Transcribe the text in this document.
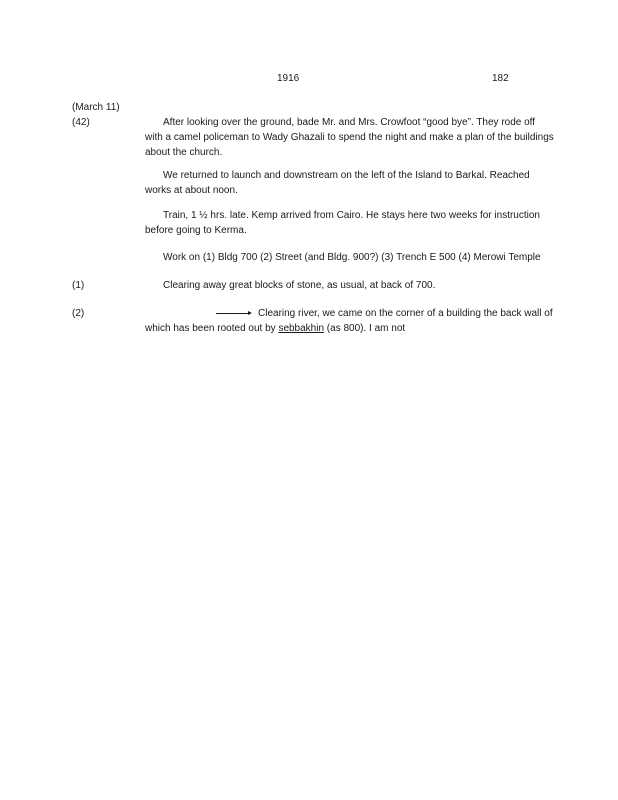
1916	182
(March 11)
(42)	After looking over the ground, bade Mr. and Mrs. Crowfoot “good bye”. They rode off with a camel policeman to Wady Ghazali to spend the night and make a plan of the buildings about the church.
We returned to launch and downstream on the left of the Island to Barkal. Reached works at about noon.
Train, 1 ½ hrs. late. Kemp arrived from Cairo. He stays here two weeks for instruction before going to Kerma.
Work on (1) Bldg 700 (2) Street (and Bldg. 900?) (3) Trench E 500 (4) Merowi Temple
(1)	Clearing away great blocks of stone, as usual, at back of 700.
(2)	Clearing river, we came on the corner of a building the back wall of which has been rooted out by sebbakhin (as 800). I am not
